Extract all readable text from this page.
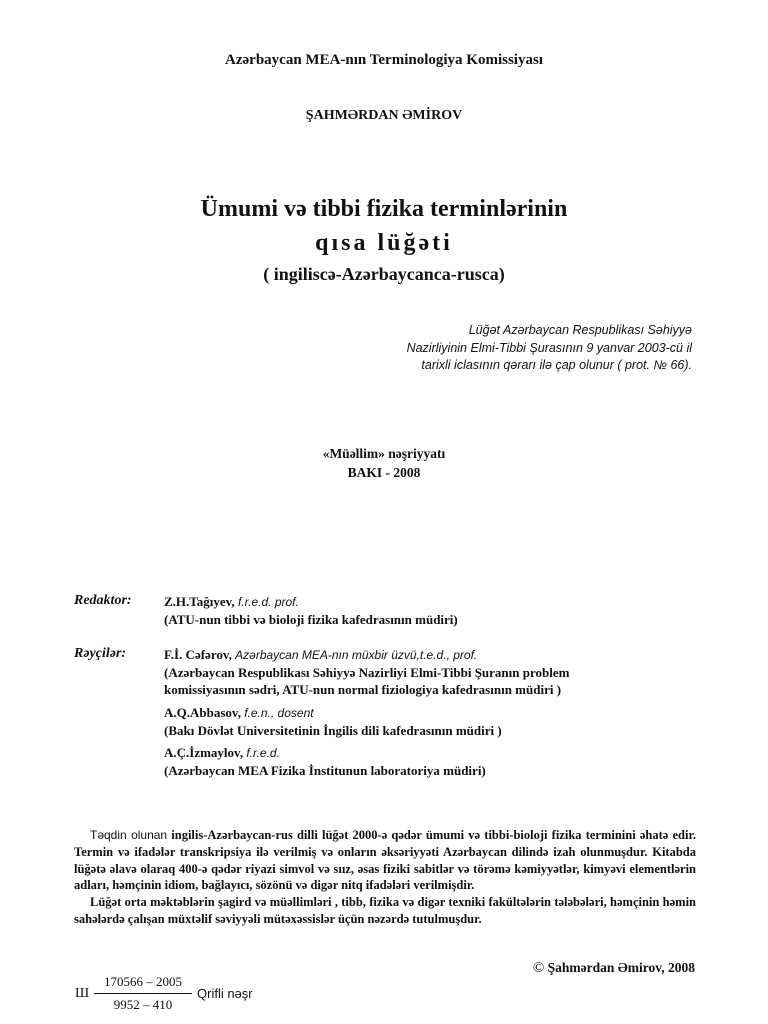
Azərbaycan MEA-nın Terminologiya Komissiyası
ŞAHMƏRDAN ƏMİROV
Ümumi və tibbi fizika terminlərinin
qısa lüğəti
( ingiliscə-Azərbaycanca-rusca)
Lüğət Azərbaycan Respublikası Səhiyyə
Nazirliyinin Elmi-Tibbi Şurasının 9 yanvar 2003-cü il
tarixli iclasının qərarı ilə çap olunur ( prot. № 66).
«Müəllim» nəşriyyatı
BAKI - 2008
Redaktor: Z.H.Tağıyev, f.r.e.d. prof.
(ATU-nun tibbi və bioloji fizika kafedrasının müdiri)
Rəyçilər:	F.İ. Cəfərov, Azərbaycan MEA-nın müxbir üzvü,t.e.d., prof.
(Azərbaycan Respublikası Səhiyyə Nazirliyi Elmi-Tibbi Şuranın problem
komissiyasının sədri, ATU-nun normal fiziologiya kafedrasının müdiri )
A.Q.Abbasov, f.e.n., dosent
(Bakı Dövlət Universitetinin İngilis dili kafedrasının müdiri )
A.Ç.İzmaylov, f.r.e.d.
(Azərbaycan MEA Fizika İnstitunun laboratoriya müdiri)

Təqdin olunan ingilis-Azərbaycan-rus dilli lüğət 2000-ə qədər ümumi və tibbi-bioloji fizika terminini əhatə edir. Termin və ifadələr transkripsiya ilə verilmiş və onların əksəriyyəti Azərbaycan dilində izah olunmuşdur. Kitabda lüğətə əlavə olaraq 400-ə qədər riyazi simvol və sıız, əsas fiziki sabitlər və törəmə kəmiyyətlər, kimyəvi elementlərin adları, həmçinin idiom, bağlayıcı, sözönü və digər nitq ifadələri verilmişdir.

Lüğət orta məktəblərin şagird və müəllimləri , tibb, fizika və digər texniki fakültələrin tələbələri, həmçinin həmin sahələrdə çalışan müxtəlif səviyyəli mütəxəssislər üçün nəzərdə tutulmuşdur.

© Şahmərdan Əmirov, 2008
Ш $\frac{170566 - 2005}{9952 - 410}$ Qrifli nəşr
